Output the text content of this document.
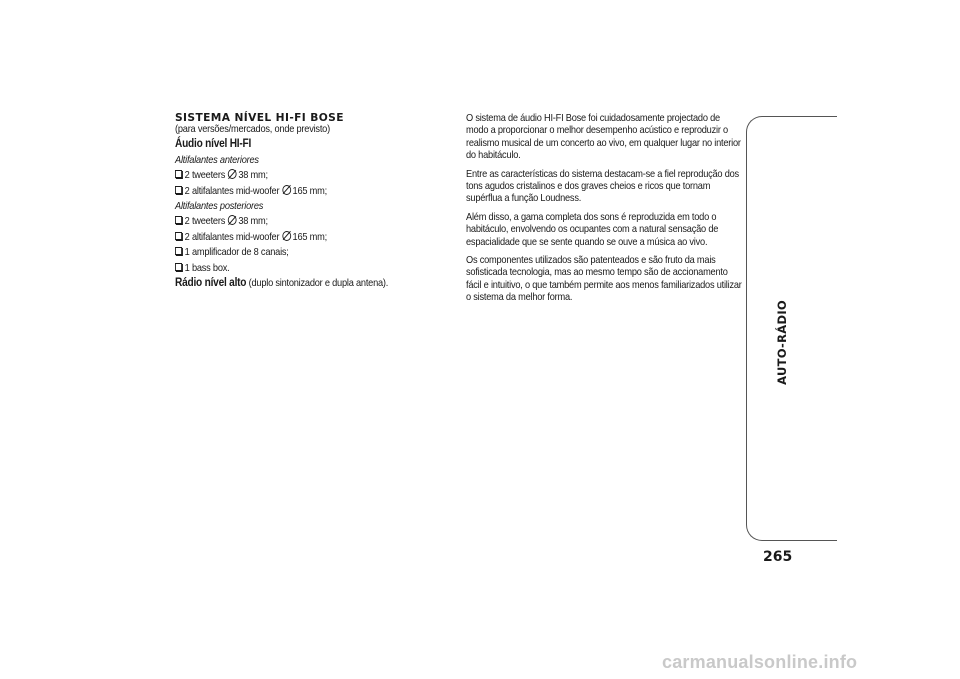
SISTEMA NÍVEL HI-FI BOSE

(para versões/mercados, onde previsto)

Áudio nível HI-FI

Altifalantes anteriores

2 tweeters 38 mm;

2 altifalantes mid-woofer 165 mm;

Altifalantes posteriores

2 tweeters 38 mm;

2 altifalantes mid-woofer 165 mm;

1 amplificador de 8 canais;

1 bass box.

Rádio nível alto (duplo sintonizador e dupla antena).

O sistema de áudio HI-FI Bose foi cuidadosamente projectado de modo a proporcionar o melhor desempenho acústico e reproduzir o realismo musical de um concerto ao vivo, em qualquer lugar no interior do habitáculo.

Entre as características do sistema destacam-se a fiel reprodução dos tons agudos cristalinos e dos graves cheios e ricos que tornam supérflua a função Loudness.

Além disso, a gama completa dos sons é reproduzida em todo o habitáculo, envolvendo os ocupantes com a natural sensação de espacialidade que se sente quando se ouve a música ao vivo.

Os componentes utilizados são patenteados e são fruto da mais sofisticada tecnologia, mas ao mesmo tempo são de accionamento fácil e intuitivo, o que também permite aos menos familiarizados utilizar o sistema da melhor forma.

AUTO-RÁDIO
265
carmanualsonline.info
